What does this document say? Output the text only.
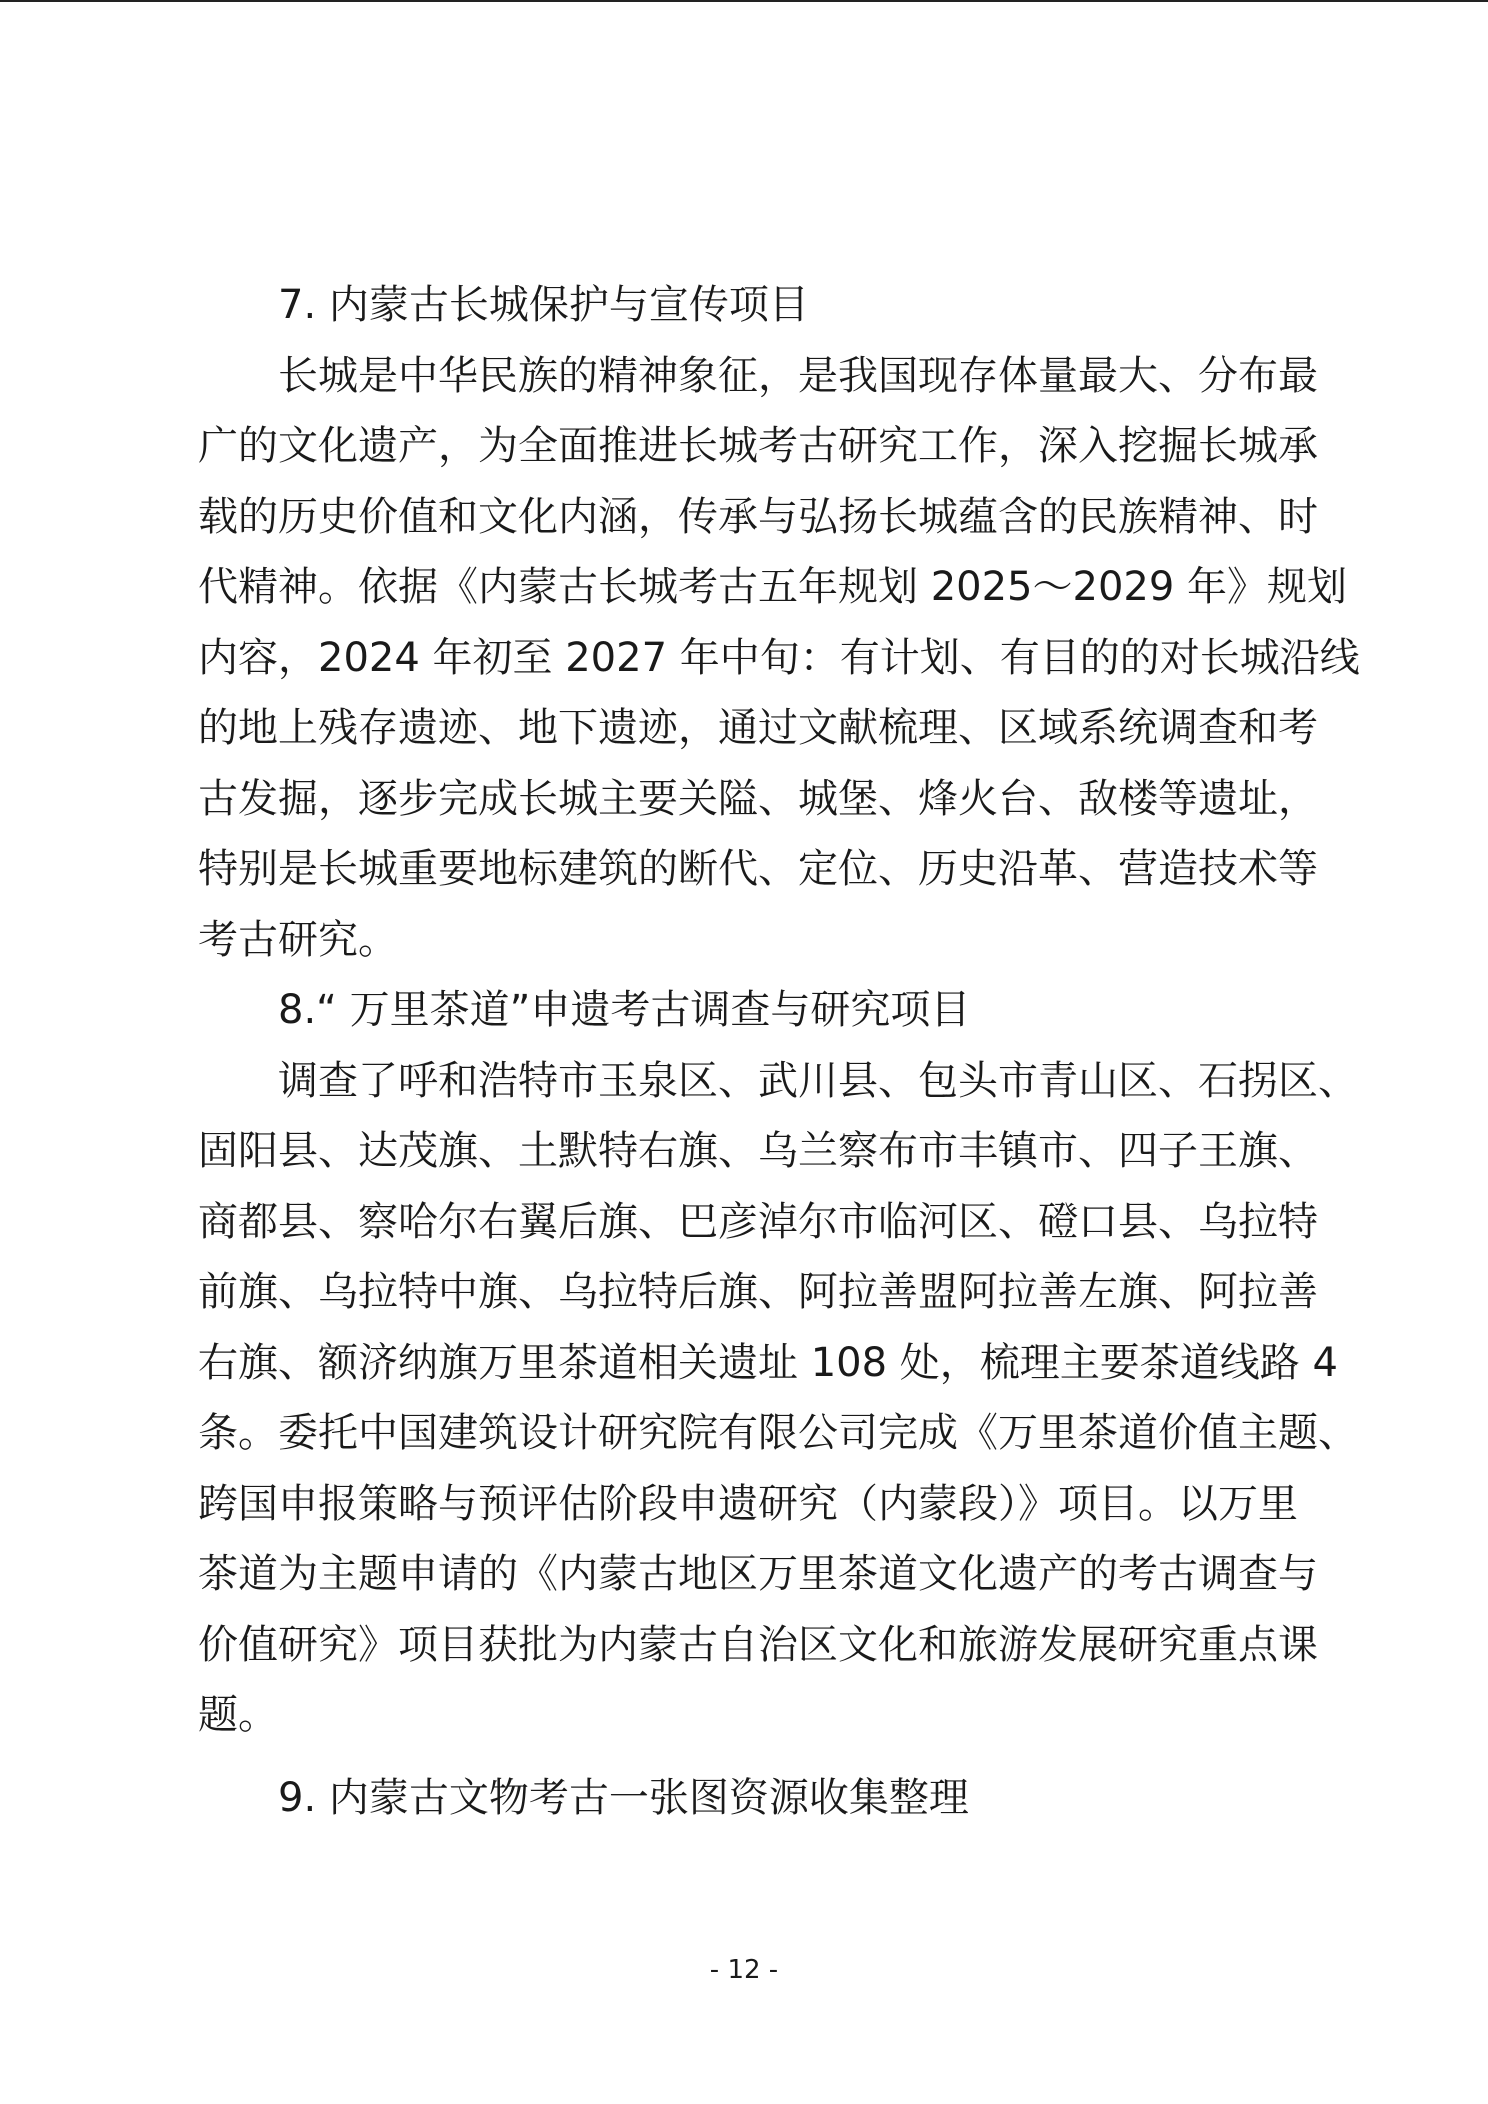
7. 内蒙古长城保护与宣传项目
长城是中华民族的精神象征，是我国现存体量最大、分布最
广的文化遗产，为全面推进长城考古研究工作，深入挖掘长城承
载的历史价值和文化内涵，传承与弘扬长城蕴含的民族精神、时
代精神。依据《内蒙古长城考古五年规划 2025～2029 年》规划
内容，2024 年初至 2027 年中旬：有计划、有目的的对长城沿线
的地上残存遗迹、地下遗迹，通过文献梳理、区域系统调查和考
古发掘，逐步完成长城主要关隘、城堡、烽火台、敌楼等遗址，
特别是长城重要地标建筑的断代、定位、历史沿革、营造技术等
考古研究。
8.“ 万里茶道”申遗考古调查与研究项目
调查了呼和浩特市玉泉区、武川县、包头市青山区、石拐区、
固阳县、达茂旗、土默特右旗、乌兰察布市丰镇市、四子王旗、
商都县、察哈尔右翼后旗、巴彦淖尔市临河区、磴口县、乌拉特
前旗、乌拉特中旗、乌拉特后旗、阿拉善盟阿拉善左旗、阿拉善
右旗、额济纳旗万里茶道相关遗址 108 处，梳理主要茶道线路 4
条。委托中国建筑设计研究院有限公司完成《万里茶道价值主题、
跨国申报策略与预评估阶段申遗研究（内蒙段）》项目。以万里
茶道为主题申请的《内蒙古地区万里茶道文化遗产的考古调查与
价值研究》项目获批为内蒙古自治区文化和旅游发展研究重点课
题。
9. 内蒙古文物考古一张图资源收集整理
- 12 -
